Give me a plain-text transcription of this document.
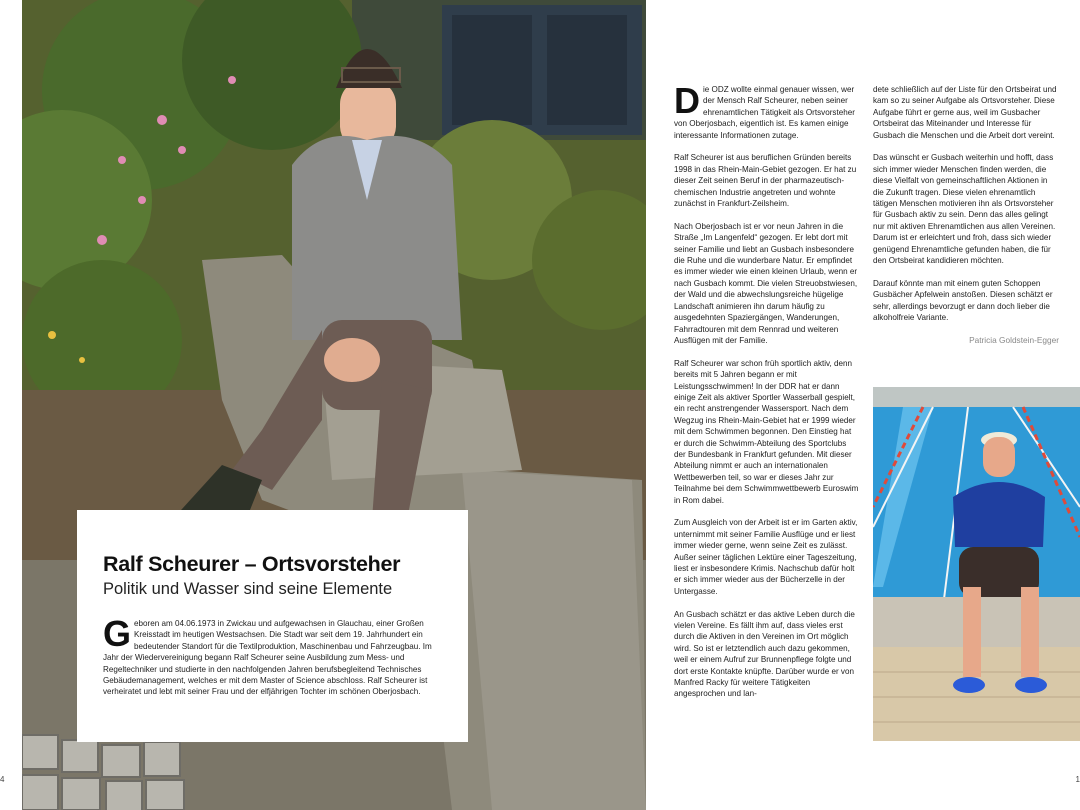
4	1
Ralf Scheurer – Ortsvorsteher
Politik und Wasser sind seine Elemente
G eboren am 04.06.1973 in Zwickau und aufgewachsen in Glauchau, einer Großen Kreisstadt im heutigen Westsachsen. Die Stadt war seit dem 19. Jahrhundert ein bedeutender Standort für die Textilproduktion, Maschinenbau und Fahrzeugbau. Im Jahr der Wiedervereinigung begann Ralf Scheurer seine Ausbildung zum Mess- und Regeltechniker und studierte in den nachfolgenden Jahren berufsbegleitend Technisches Gebäudemanagement, welches er mit dem Master of Science abschloss. Ralf Scheurer ist verheiratet und lebt mit seiner Frau und der elfjährigen Tochter im schönen Oberjosbach.

D ie ODZ wollte einmal genauer wissen, wer der Mensch Ralf Scheurer, neben seiner ehrenamtlichen Tätigkeit als Ortsvorsteher von Oberjosbach, eigentlich ist. Es kamen einige interessante Informationen zutage.

Ralf Scheurer ist aus beruflichen Gründen bereits 1998 in das Rhein-Main-Gebiet gezogen. Er hat zu dieser Zeit seinen Beruf in der pharmazeutisch-chemischen Industrie angetreten und wohnte zunächst in Frankfurt-Zeilsheim.

Nach Oberjosbach ist er vor neun Jahren in die Straße „Im Langenfeld“ gezogen. Er lebt dort mit seiner Familie und liebt an Gusbach insbesondere die Ruhe und die wunderbare Natur. Er empfindet es immer wieder wie einen kleinen Urlaub, wenn er nach Gusbach kommt. Die vielen Streuobstwiesen, der Wald und die abwechslungsreiche hügelige Landschaft animieren ihn darum häufig zu ausgedehnten Spaziergängen, Wanderungen, Fahrradtouren mit dem Rennrad und weiteren Ausflügen mit der Familie.

Ralf Scheurer war schon früh sportlich aktiv, denn bereits mit 5 Jahren begann er mit Leistungsschwimmen! In der DDR hat er dann einige Zeit als aktiver Sportler Wasserball gespielt, ein recht anstrengender Wassersport. Nach dem Wegzug ins Rhein-Main-Gebiet hat er 1999 wieder mit dem Schwimmen begonnen. Den Einstieg hat er durch die Schwimm-Abteilung des Sportclubs der Bundesbank in Frankfurt gefunden. Mit dieser Abteilung nimmt er auch an internationalen Wettbewerben teil, so war er dieses Jahr zur Teilnahme bei dem Schwimmwettbewerb Euroswim in Rom dabei.

Zum Ausgleich von der Arbeit ist er im Garten aktiv, unternimmt mit seiner Familie Ausflüge und er liest immer wieder gerne, wenn seine Zeit es zulässt. Außer seiner täglichen Lektüre einer Tageszeitung, liest er insbesondere Krimis. Nachschub dafür holt er sich immer wieder aus der Bücherzelle in der Untergasse.

An Gusbach schätzt er das aktive Leben durch die vielen Vereine. Es fällt ihm auf, dass vieles erst durch die Aktiven in den Vereinen im Ort möglich wird. So ist er letztendlich auch dazu gekommen, weil er einem Aufruf zur Brunnenpflege folgte und dort erste Kontakte knüpfte. Darüber wurde er von Manfred Racky für weitere Tätigkeiten angesprochen und lan-

dete schließlich auf der Liste für den Ortsbeirat und kam so zu seiner Aufgabe als Ortsvorsteher. Diese Aufgabe führt er gerne aus, weil im Gusbacher Ortsbeirat das Miteinander und Interesse für Gusbach die Menschen und die Arbeit dort vereint.

Das wünscht er Gusbach weiterhin und hofft, dass sich immer wieder Menschen finden werden, die diese Vielfalt von gemeinschaftlichen Aktionen in die Zukunft tragen. Diese vielen ehrenamtlich tätigen Menschen motivieren ihn als Ortsvorsteher für Gusbach aktiv zu sein. Denn das alles gelingt nur mit aktiven Ehrenamtlichen aus allen Vereinen. Darum ist er erleichtert und froh, dass sich wieder genügend Ehrenamtliche gefunden haben, die für den Ortsbeirat kandidieren möchten.

Darauf könnte man mit einem guten Schoppen Gusbächer Apfelwein anstoßen. Diesen schätzt er sehr, allerdings bevorzugt er dann doch lieber die alkoholfreie Variante.

Patricia Goldstein-Egger
